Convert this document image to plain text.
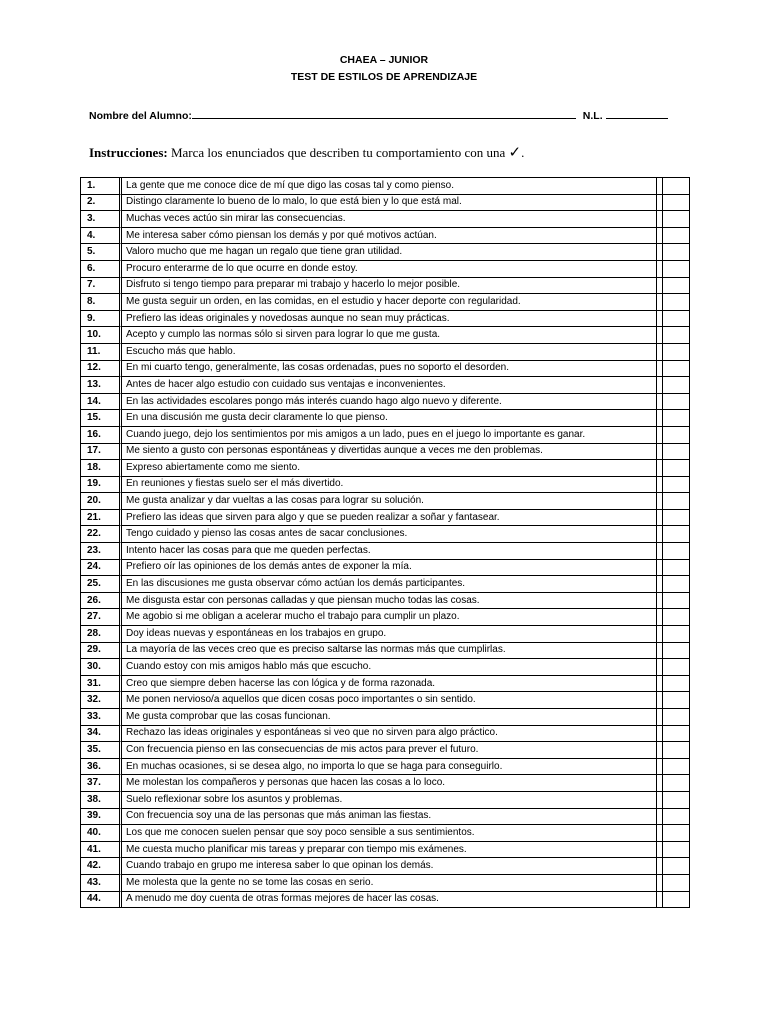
CHAEA – JUNIOR
TEST DE ESTILOS DE APRENDIZAJE
Nombre del Alumno:	N.L.
Instrucciones: Marca los enunciados que describen tu comportamiento con una ✓.
1.	La gente que me conoce dice de mí que digo las cosas tal y como pienso.		
2.	Distingo claramente lo bueno de lo malo, lo que está bien y lo que está mal.		
3.	Muchas veces actúo sin mirar las consecuencias.		
4.	Me interesa saber cómo piensan los demás y por qué motivos actúan.		
5.	Valoro mucho que me hagan un regalo que tiene gran utilidad.		
6.	Procuro enterarme de lo que ocurre en donde estoy.		
7.	Disfruto si tengo tiempo para preparar mi trabajo y hacerlo lo mejor posible.		
8.	Me gusta seguir un orden, en las comidas, en el estudio y hacer deporte con regularidad.		
9.	Prefiero las ideas originales y novedosas aunque no sean muy prácticas.		
10.	Acepto y cumplo las normas sólo si sirven para lograr lo que me gusta.		
11.	Escucho más que hablo.		
12.	En mi cuarto tengo, generalmente, las cosas ordenadas, pues no soporto el desorden.		
13.	Antes de hacer algo estudio con cuidado sus ventajas e inconvenientes.		
14.	En las actividades escolares pongo más interés cuando hago algo nuevo y diferente.		
15.	En una discusión me gusta decir claramente lo que pienso.		
16.	Cuando juego, dejo los sentimientos por mis amigos a un lado, pues en el juego lo importante es ganar.		
17.	Me siento a gusto con personas espontáneas y divertidas aunque a veces me den problemas.		
18.	Expreso abiertamente como me siento.		
19.	En reuniones y fiestas suelo ser el más divertido.		
20.	Me gusta analizar y dar vueltas a las cosas para lograr su solución.		
21.	Prefiero las ideas que sirven para algo y que se pueden realizar a soñar y fantasear.		
22.	Tengo cuidado y pienso las cosas antes de sacar conclusiones.		
23.	Intento hacer las cosas para que me queden perfectas.		
24.	Prefiero oír las opiniones de los demás antes de exponer la mía.		
25.	En las discusiones me gusta observar cómo actúan los demás participantes.		
26.	Me disgusta estar con personas calladas y que piensan mucho todas las cosas.		
27.	Me agobio si me obligan a acelerar mucho el trabajo para cumplir un plazo.		
28.	Doy ideas nuevas y espontáneas en los trabajos en grupo.		
29.	La mayoría de las veces creo que es preciso saltarse las normas más que cumplirlas.		
30.	Cuando estoy con mis amigos hablo más que escucho.		
31.	Creo que siempre deben hacerse las con lógica y de forma razonada.		
32.	Me ponen nervioso/a aquellos que dicen cosas poco importantes o sin sentido.		
33.	Me gusta comprobar que las cosas funcionan.		
34.	Rechazo las ideas originales y espontáneas si veo que no sirven para algo práctico.		
35.	Con frecuencia pienso en las consecuencias de mis actos para prever el futuro.		
36.	En muchas ocasiones, si se desea algo, no importa lo que se haga para conseguirlo.		
37.	Me molestan los compañeros y personas que hacen las cosas a lo loco.		
38.	Suelo reflexionar sobre los asuntos y problemas.		
39.	Con frecuencia soy una de las personas que más animan las fiestas.		
40.	Los que me conocen suelen pensar que soy poco sensible a sus sentimientos.		
41.	Me cuesta mucho planificar mis tareas y preparar con tiempo mis exámenes.		
42.	Cuando trabajo en grupo me interesa saber lo que opinan los demás.		
43.	Me molesta que la gente no se tome las cosas en serio.		
44.	A menudo me doy cuenta de otras formas mejores de hacer las cosas.		
